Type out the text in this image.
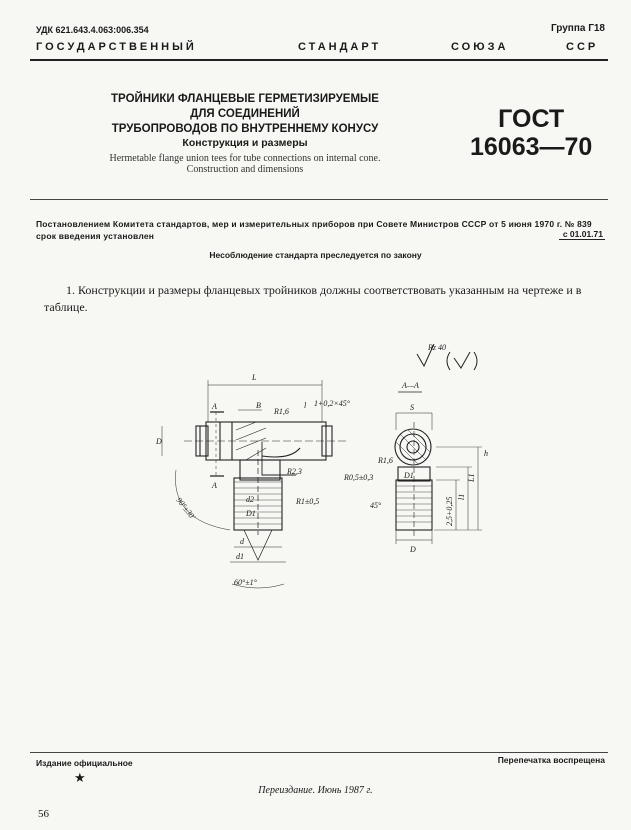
УДК 621.643.4.063:006.354	Группа Г18
ГОСУДАРСТВЕННЫЙ	СТАНДАРТ	СОЮЗА	ССР
ТРОЙНИКИ ФЛАНЦЕВЫЕ ГЕРМЕТИЗИРУЕМЫЕ
ДЛЯ СОЕДИНЕНИЙ
ТРУБОПРОВОДОВ ПО ВНУТРЕННЕМУ КОНУСУ
Конструкция и размеры
Hermetable flange union tees for tube connections on internal cone.
Construction and dimensions
ГОСТ
16063—70
Постановлением Комитета стандартов, мер и измерительных приборов при Совете Министров СССР от 5 июня 1970 г. № 839 срок введения установлен	с 01.01.71
Несоблюдение стандарта преследуется по закону
1. Конструкции и размеры фланцевых тройников должны соответствовать указанным на чертеже и в таблице.
Rz 40
L
B	l 1+0,2×45°
А
А
R1,6
D
R2,3
d2
D1
R1±0,5
d
d1
90°±30'
60°±1°
А—А
S
R1,6
R0,5±0,3	D1
45°
D
L1
l1
2,5+0,25
h
Издание официальное
★
Перепечатка воспрещена
Переиздание. Июнь 1987 г.
56
